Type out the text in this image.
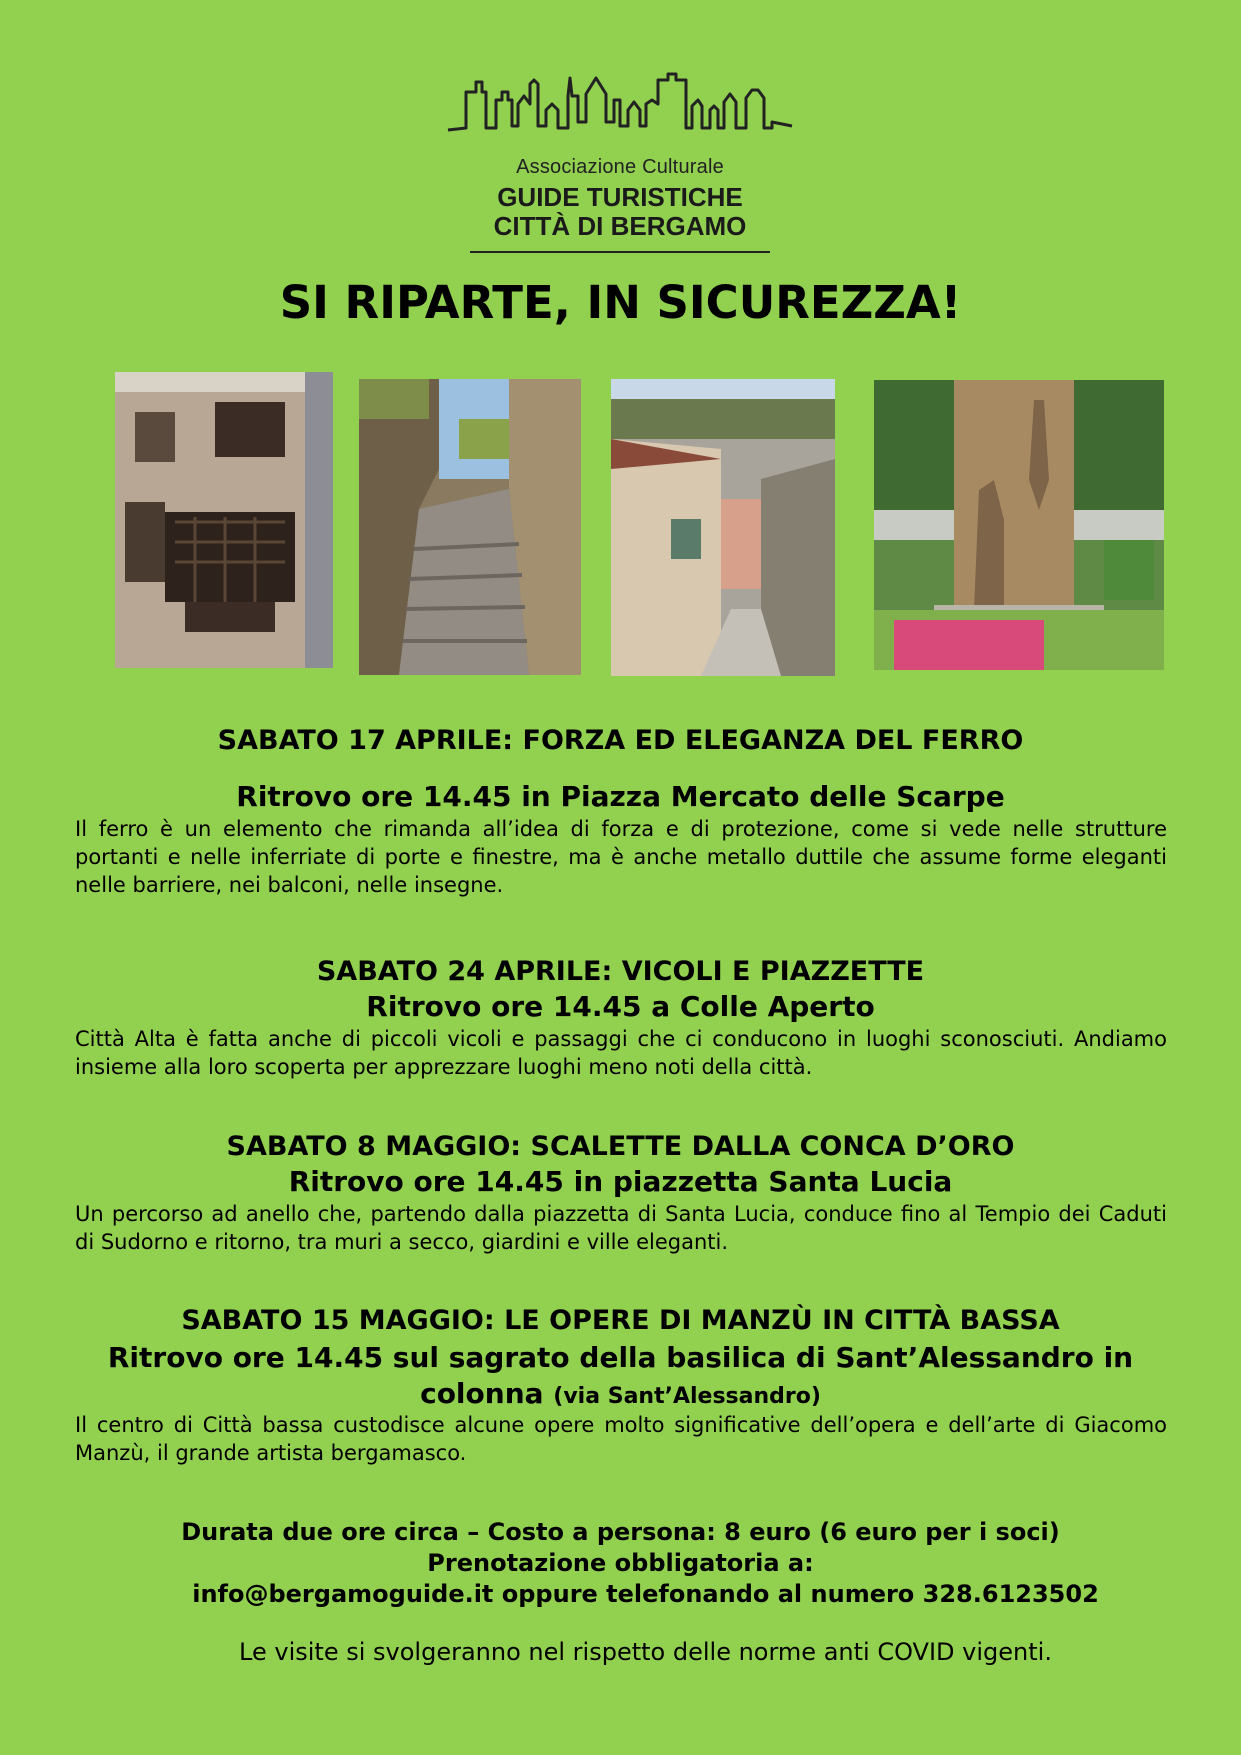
Associazione Culturale
GUIDE TURISTICHE
CITTÀ DI BERGAMO
SI RIPARTE, IN SICUREZZA!

SABATO 17 APRILE: FORZA ED ELEGANZA DEL FERRO

Ritrovo ore 14.45 in Piazza Mercato delle Scarpe

Il ferro è un elemento che rimanda all’idea di forza e di protezione, come si vede nelle strutture portanti e nelle inferriate di porte e finestre, ma è anche metallo duttile che assume forme eleganti nelle barriere, nei balconi, nelle insegne.

SABATO 24 APRILE: VICOLI E PIAZZETTE

Ritrovo ore 14.45 a Colle Aperto

Città Alta è fatta anche di piccoli vicoli e passaggi che ci conducono in luoghi sconosciuti. Andiamo insieme alla loro scoperta per apprezzare luoghi meno noti della città.

SABATO 8 MAGGIO: SCALETTE DALLA CONCA D’ORO

Ritrovo ore 14.45 in piazzetta Santa Lucia

Un percorso ad anello che, partendo dalla piazzetta di Santa Lucia, conduce fino al Tempio dei Caduti di Sudorno e ritorno, tra muri a secco, giardini e ville eleganti.

SABATO 15 MAGGIO: LE OPERE DI MANZÙ IN CITTÀ BASSA

Ritrovo ore 14.45 sul sagrato della basilica di Sant’Alessandro in colonna (via Sant’Alessandro)

Il centro di Città bassa custodisce alcune opere molto significative dell’opera e dell’arte di Giacomo Manzù, il grande artista bergamasco.

Durata due ore circa – Costo a persona: 8 euro (6 euro per i soci)

Prenotazione obbligatoria a:

info@bergamoguide.it oppure telefonando al numero 328.6123502

Le visite si svolgeranno nel rispetto delle norme anti COVID vigenti.
